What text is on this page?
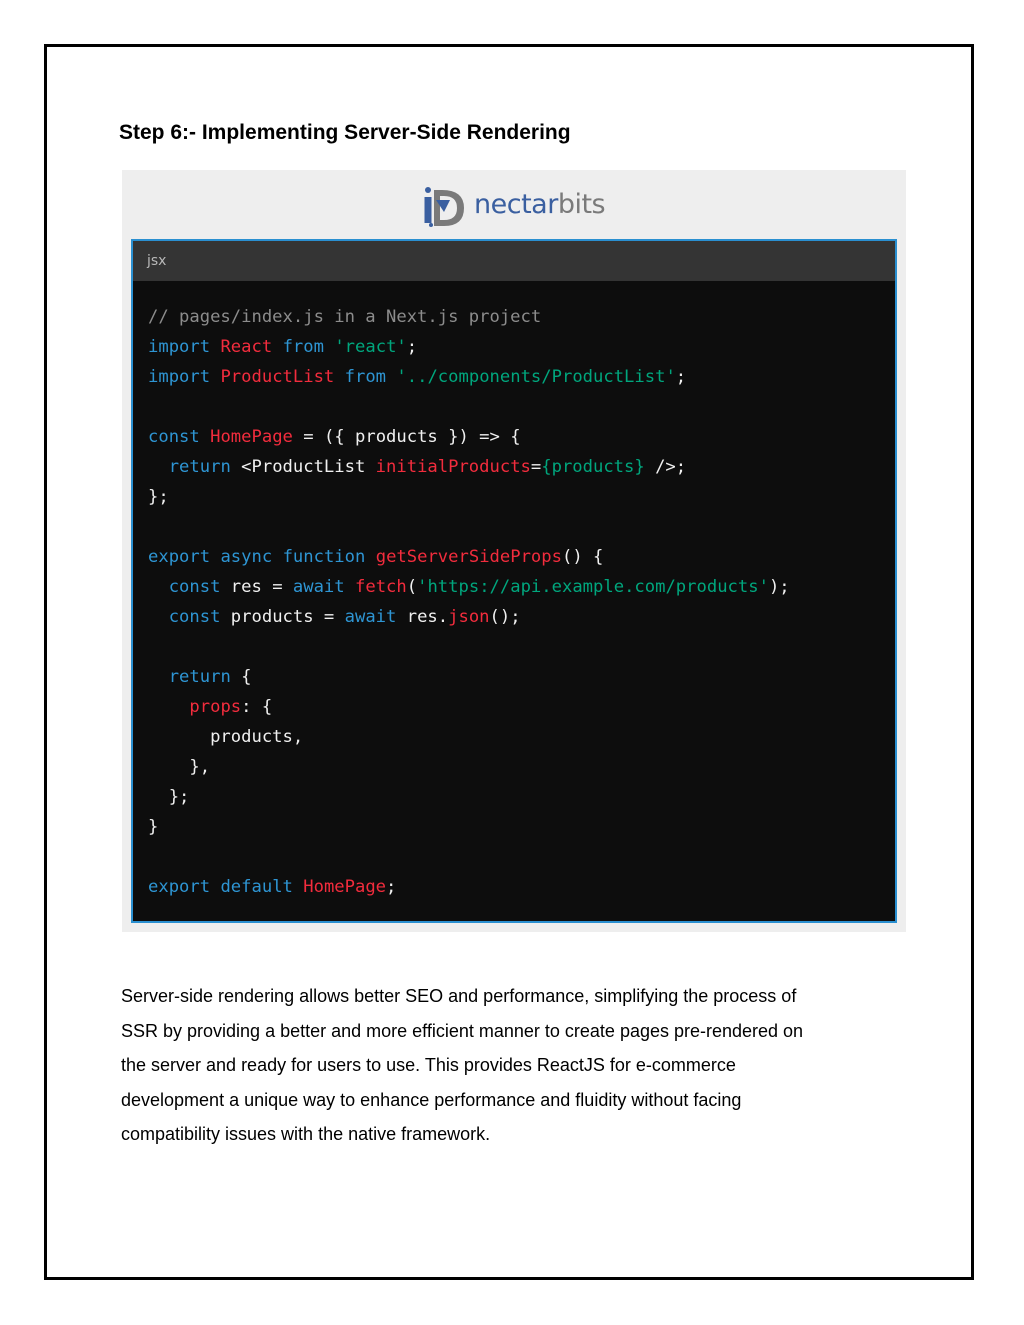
Step 6:- Implementing Server-Side Rendering
nectarbits
jsx
// pages/index.js in a Next.js project
import React from 'react';
import ProductList from '../components/ProductList';
const HomePage = ({ products }) => {
return <ProductList initialProducts={products} />;
};
export async function getServerSideProps() {
const res = await fetch('https://api.example.com/products');
const products = await res.json();
return {
props: {
products,
},
};
}
export default HomePage;
Server-side rendering allows better SEO and performance, simplifying the process of
SSR by providing a better and more efficient manner to create pages pre-rendered on
the server and ready for users to use. This provides ReactJS for e-commerce
development a unique way to enhance performance and fluidity without facing
compatibility issues with the native framework.
